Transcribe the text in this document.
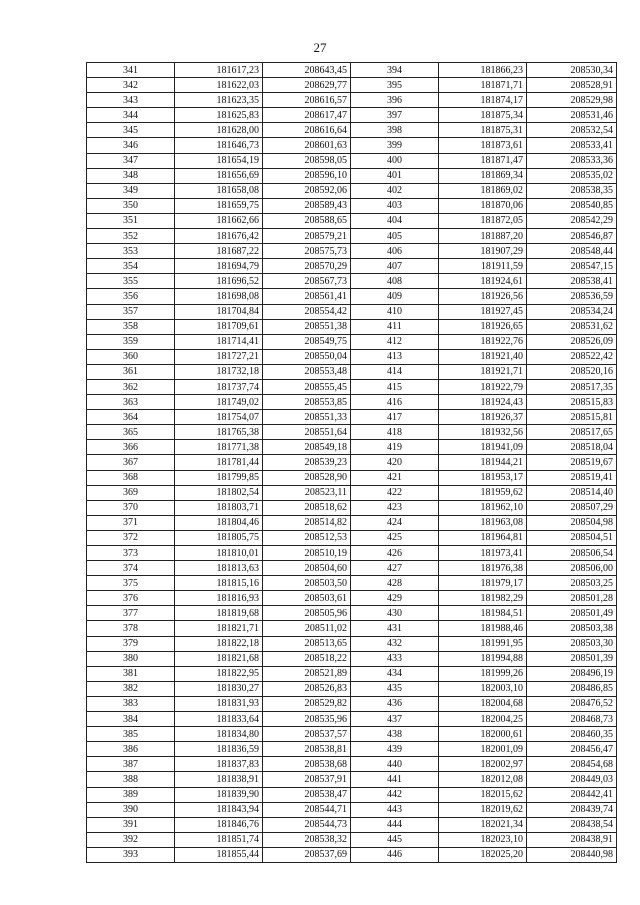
27
341	181617,23	208643,45	394	181866,23	208530,34
342	181622,03	208629,77	395	181871,71	208528,91
343	181623,35	208616,57	396	181874,17	208529,98
344	181625,83	208617,47	397	181875,34	208531,46
345	181628,00	208616,64	398	181875,31	208532,54
346	181646,73	208601,63	399	181873,61	208533,41
347	181654,19	208598,05	400	181871,47	208533,36
348	181656,69	208596,10	401	181869,34	208535,02
349	181658,08	208592,06	402	181869,02	208538,35
350	181659,75	208589,43	403	181870,06	208540,85
351	181662,66	208588,65	404	181872,05	208542,29
352	181676,42	208579,21	405	181887,20	208546,87
353	181687,22	208575,73	406	181907,29	208548,44
354	181694,79	208570,29	407	181911,59	208547,15
355	181696,52	208567,73	408	181924,61	208538,41
356	181698,08	208561,41	409	181926,56	208536,59
357	181704,84	208554,42	410	181927,45	208534,24
358	181709,61	208551,38	411	181926,65	208531,62
359	181714,41	208549,75	412	181922,76	208526,09
360	181727,21	208550,04	413	181921,40	208522,42
361	181732,18	208553,48	414	181921,71	208520,16
362	181737,74	208555,45	415	181922,79	208517,35
363	181749,02	208553,85	416	181924,43	208515,83
364	181754,07	208551,33	417	181926,37	208515,81
365	181765,38	208551,64	418	181932,56	208517,65
366	181771,38	208549,18	419	181941,09	208518,04
367	181781,44	208539,23	420	181944,21	208519,67
368	181799,85	208528,90	421	181953,17	208519,41
369	181802,54	208523,11	422	181959,62	208514,40
370	181803,71	208518,62	423	181962,10	208507,29
371	181804,46	208514,82	424	181963,08	208504,98
372	181805,75	208512,53	425	181964,81	208504,51
373	181810,01	208510,19	426	181973,41	208506,54
374	181813,63	208504,60	427	181976,38	208506,00
375	181815,16	208503,50	428	181979,17	208503,25
376	181816,93	208503,61	429	181982,29	208501,28
377	181819,68	208505,96	430	181984,51	208501,49
378	181821,71	208511,02	431	181988,46	208503,38
379	181822,18	208513,65	432	181991,95	208503,30
380	181821,68	208518,22	433	181994,88	208501,39
381	181822,95	208521,89	434	181999,26	208496,19
382	181830,27	208526,83	435	182003,10	208486,85
383	181831,93	208529,82	436	182004,68	208476,52
384	181833,64	208535,96	437	182004,25	208468,73
385	181834,80	208537,57	438	182000,61	208460,35
386	181836,59	208538,81	439	182001,09	208456,47
387	181837,83	208538,68	440	182002,97	208454,68
388	181838,91	208537,91	441	182012,08	208449,03
389	181839,90	208538,47	442	182015,62	208442,41
390	181843,94	208544,71	443	182019,62	208439,74
391	181846,76	208544,73	444	182021,34	208438,54
392	181851,74	208538,32	445	182023,10	208438,91
393	181855,44	208537,69	446	182025,20	208440,98
